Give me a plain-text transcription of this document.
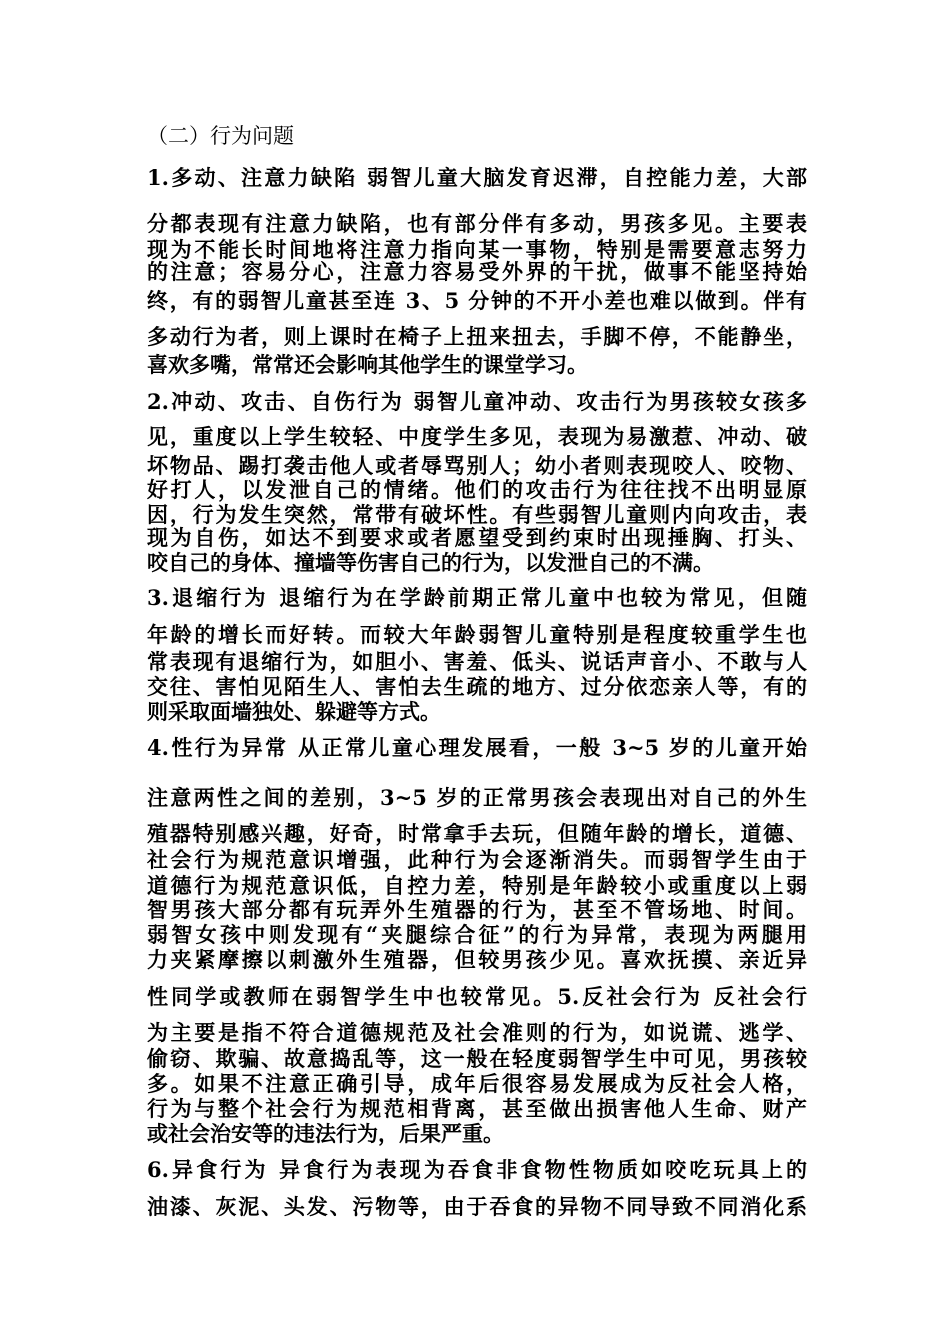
（二）行为问题
1.多动、注意力缺陷 弱智儿童大脑发育迟滞，自控能力差，大部
分都表现有注意力缺陷，也有部分伴有多动，男孩多见。主要表
现为不能长时间地将注意力指向某一事物，特别是需要意志努力
的注意；容易分心，注意力容易受外界的干扰，做事不能坚持始
终，有的弱智儿童甚至连 3、5 分钟的不开小差也难以做到。伴有
多动行为者，则上课时在椅子上扭来扭去，手脚不停，不能静坐，
喜欢多嘴，常常还会影响其他学生的课堂学习。
2.冲动、攻击、自伤行为 弱智儿童冲动、攻击行为男孩较女孩多
见，重度以上学生较轻、中度学生多见，表现为易激惹、冲动、破
坏物品、踢打袭击他人或者辱骂别人；幼小者则表现咬人、咬物、
好打人，以发泄自己的情绪。他们的攻击行为往往找不出明显原
因，行为发生突然，常带有破坏性。有些弱智儿童则内向攻击，表
现为自伤，如达不到要求或者愿望受到约束时出现捶胸、打头、
咬自己的身体、撞墙等伤害自己的行为，以发泄自己的不满。
3.退缩行为 退缩行为在学龄前期正常儿童中也较为常见，但随
年龄的增长而好转。而较大年龄弱智儿童特别是程度较重学生也
常表现有退缩行为，如胆小、害羞、低头、说话声音小、不敢与人
交往、害怕见陌生人、害怕去生疏的地方、过分依恋亲人等，有的
则采取面墙独处、躲避等方式。
4.性行为异常 从正常儿童心理发展看，一般 3~5 岁的儿童开始
注意两性之间的差别，3~5 岁的正常男孩会表现出对自己的外生
殖器特别感兴趣，好奇，时常拿手去玩，但随年龄的增长，道德、
社会行为规范意识增强，此种行为会逐渐消失。而弱智学生由于
道德行为规范意识低，自控力差，特别是年龄较小或重度以上弱
智男孩大部分都有玩弄外生殖器的行为，甚至不管场地、时间。
弱智女孩中则发现有“夹腿综合征”的行为异常，表现为两腿用
力夹紧摩擦以刺激外生殖器，但较男孩少见。喜欢抚摸、亲近异
性同学或教师在弱智学生中也较常见。5.反社会行为 反社会行
为主要是指不符合道德规范及社会准则的行为，如说谎、逃学、
偷窃、欺骗、故意捣乱等，这一般在轻度弱智学生中可见，男孩较
多。如果不注意正确引导，成年后很容易发展成为反社会人格，
行为与整个社会行为规范相背离，甚至做出损害他人生命、财产
或社会治安等的违法行为，后果严重。
6.异食行为 异食行为表现为吞食非食物性物质如咬吃玩具上的
油漆、灰泥、头发、污物等，由于吞食的异物不同导致不同消化系
